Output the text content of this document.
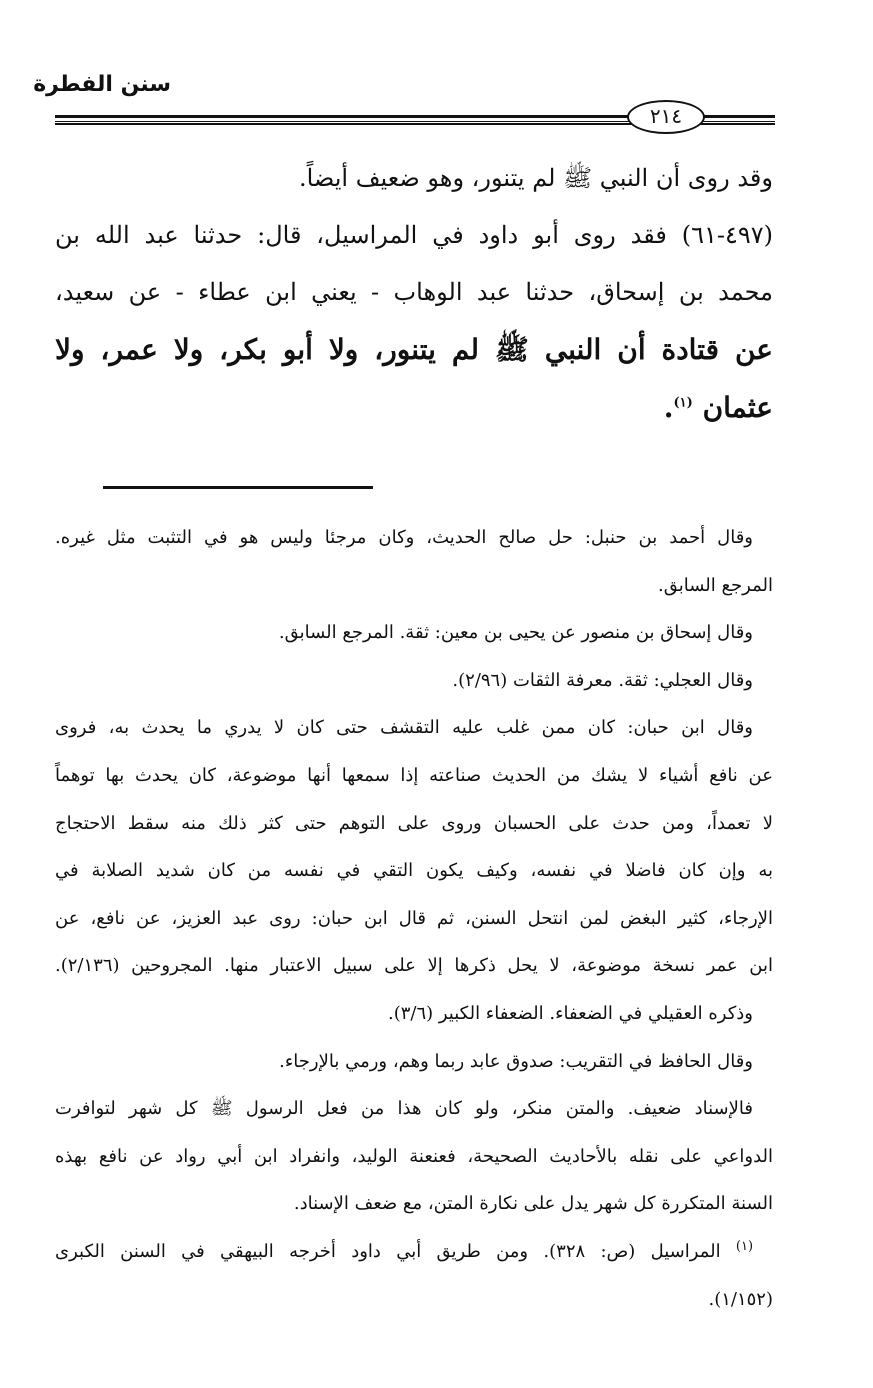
سنن الفطرة
٢١٤
وقد روى أن النبي ﷺ لم يتنور، وهو ضعيف أيضاً.
(٤٩٧-٦١) فقد روى أبو داود في المراسيل، قال: حدثنا عبد الله بن
محمد بن إسحاق، حدثنا عبد الوهاب - يعني ابن عطاء - عن سعيد،
عن قتادة أن النبي ﷺ لم يتنور، ولا أبو بكر، ولا عمر، ولا
عثمان $^{(١)}$.
وقال أحمد بن حنبل: حل صالح الحديث، وكان مرجئا وليس هو في التثبت مثل غيره.
المرجع السابق.
وقال إسحاق بن منصور عن يحيى بن معين: ثقة. المرجع السابق.
وقال العجلي: ثقة. معرفة الثقات (٢/٩٦).
وقال ابن حبان: كان ممن غلب عليه التقشف حتى كان لا يدري ما يحدث به، فروى
عن نافع أشياء لا يشك من الحديث صناعته إذا سمعها أنها موضوعة، كان يحدث بها توهماً
لا تعمداً، ومن حدث على الحسبان وروى على التوهم حتى كثر ذلك منه سقط الاحتجاج
به وإن كان فاضلا في نفسه، وكيف يكون التقي في نفسه من كان شديد الصلابة في
الإرجاء، كثير البغض لمن انتحل السنن، ثم قال ابن حبان: روى عبد العزيز، عن نافع، عن
ابن عمر نسخة موضوعة، لا يحل ذكرها إلا على سبيل الاعتبار منها. المجروحين (٢/١٣٦).
وذكره العقيلي في الضعفاء. الضعفاء الكبير (٣/٦).
وقال الحافظ في التقريب: صدوق عابد ربما وهم، ورمي بالإرجاء.
فالإسناد ضعيف. والمتن منكر، ولو كان هذا من فعل الرسول ﷺ كل شهر لتوافرت
الدواعي على نقله بالأحاديث الصحيحة، فعنعنة الوليد، وانفراد ابن أبي رواد عن نافع بهذه
السنة المتكررة كل شهر يدل على نكارة المتن، مع ضعف الإسناد.
$^{(١)}$ المراسيل (ص: ٣٢٨). ومن طريق أبي داود أخرجه البيهقي في السنن الكبرى
(١/١٥٢).
